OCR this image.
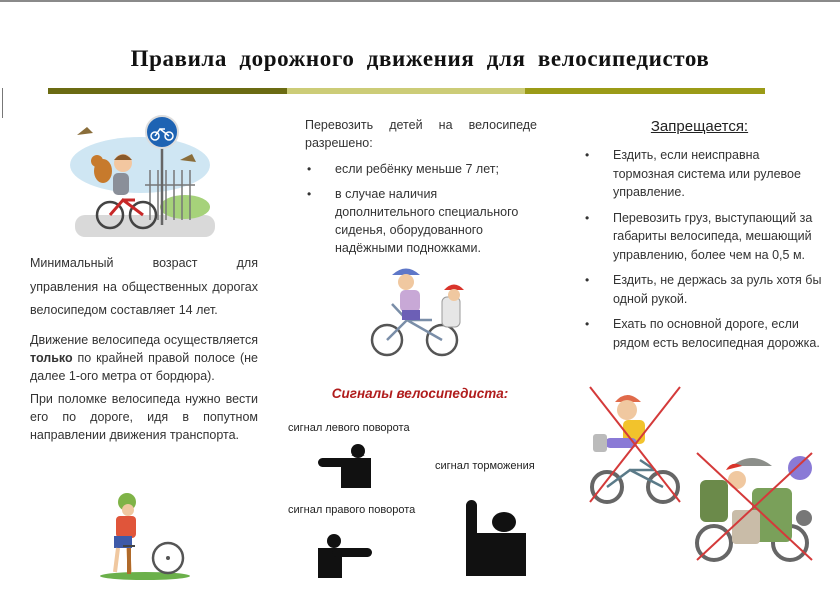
Правила дорожного движения для велосипедистов

Минимальный возраст для управления на общественных дорогах велосипедом составляет 14 лет.

Движение велосипеда осуществляется только по крайней правой полосе (не далее 1-ого метра от бордюра).

При поломке велосипеда нужно вести его по дороге, идя в попутном направлении движения транспорта.

Перевозить детей на велосипеде разрешено:

• если ребёнку меньше 7 лет;
• в случае наличия дополнительного специального сиденья, оборудованного надёжными подножками.
Сигналы велосипедиста:
сигнал левого поворота
сигнал правого поворота
сигнал торможения
Запрещается:
• Ездить, если неисправна тормозная система или рулевое управление.
• Перевозить груз, выступающий за габариты велосипеда, мешающий управлению, более чем на 0,5 м.
• Ездить, не держась за руль хотя бы одной рукой.
• Ехать по основной дороге, если рядом есть велосипедная дорожка.
